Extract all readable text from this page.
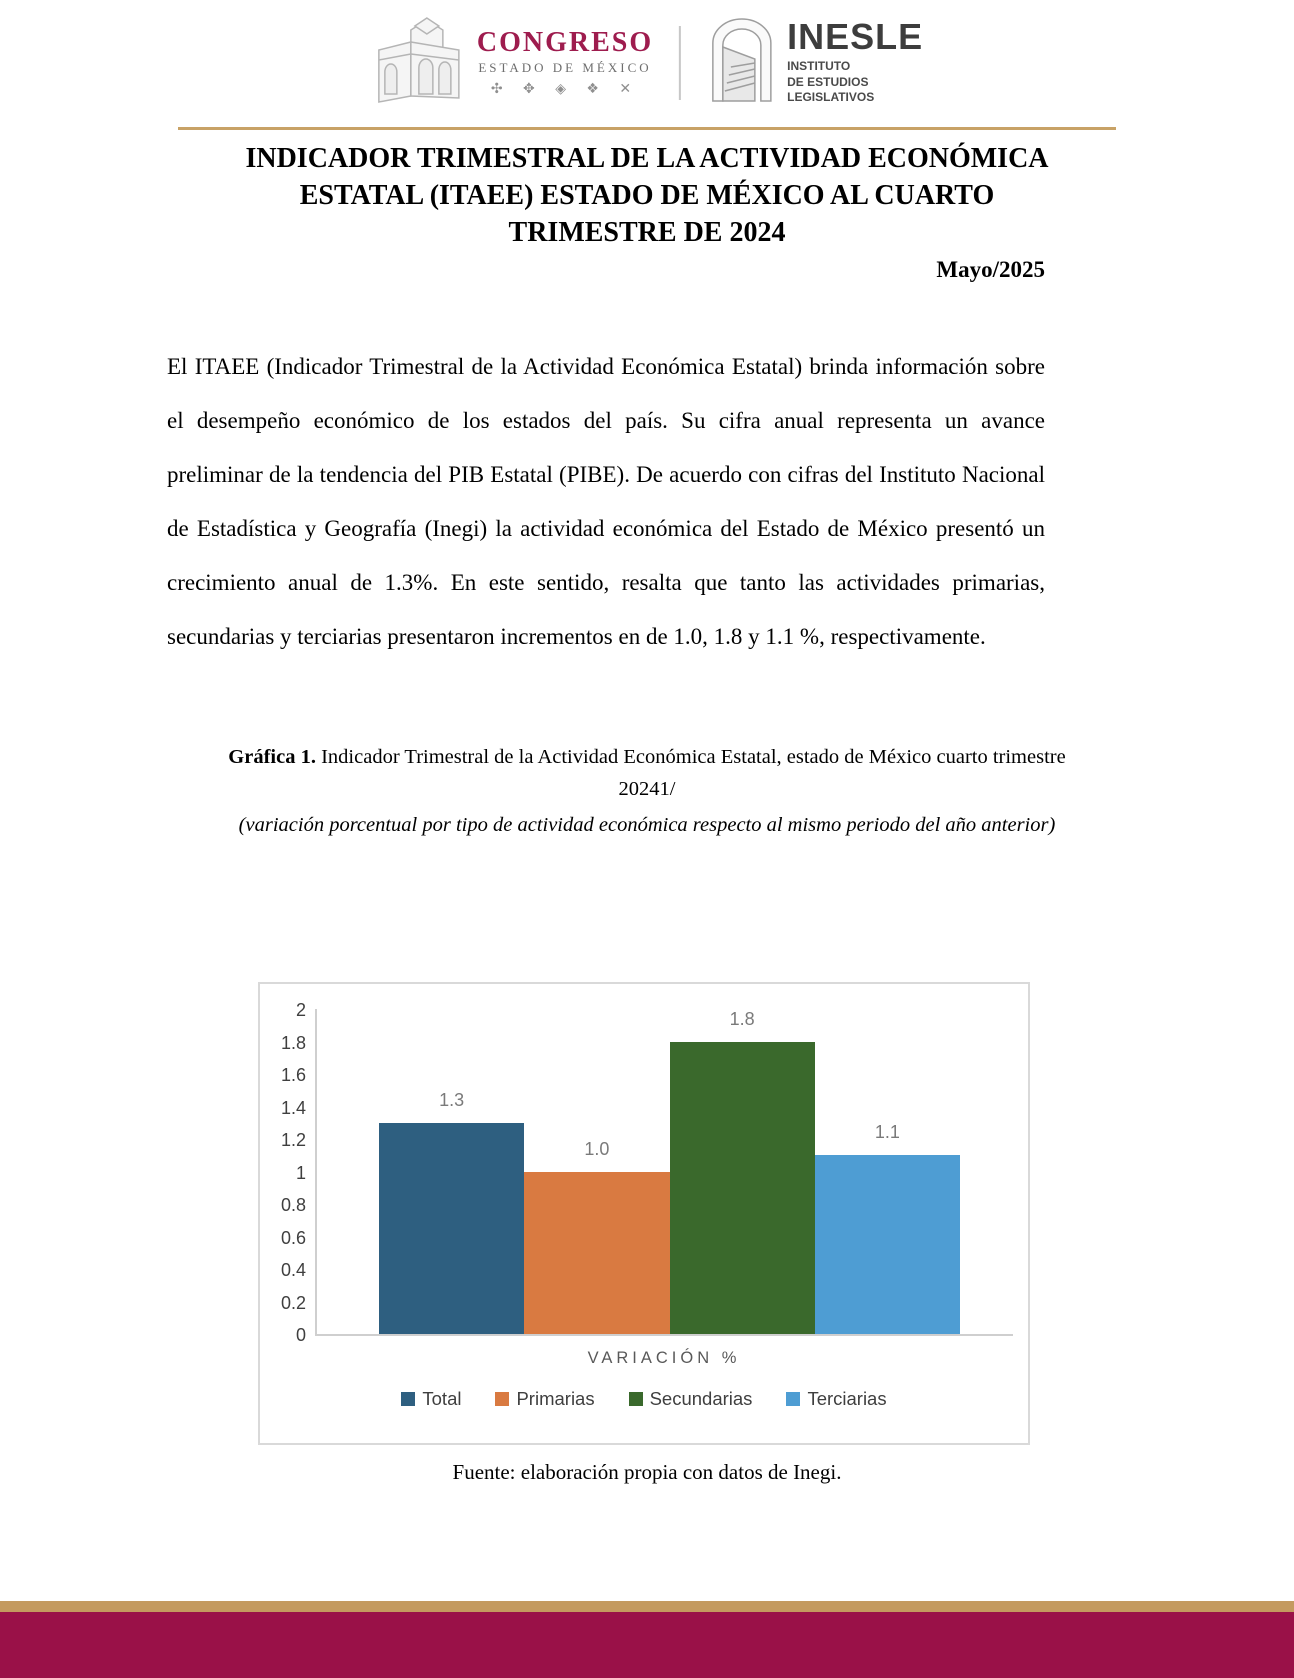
CONGRESO
ESTADO DE MÉXICO
✣ ✥ ◈ ❖ ✕
INESLE
INSTITUTO
DE ESTUDIOS
LEGISLATIVOS
INDICADOR TRIMESTRAL DE LA ACTIVIDAD ECONÓMICA
ESTATAL (ITAEE) ESTADO DE MÉXICO AL CUARTO
TRIMESTRE DE 2024
Mayo/2025
El ITAEE (Indicador Trimestral de la Actividad Económica Estatal) brinda información sobre el desempeño económico de los estados del país. Su cifra anual representa un avance preliminar de la tendencia del PIB Estatal (PIBE). De acuerdo con cifras del Instituto Nacional de Estadística y Geografía (Inegi) la actividad económica del Estado de México presentó un crecimiento anual de 1.3%. En este sentido, resalta que tanto las actividades primarias, secundarias y terciarias presentaron incrementos en de 1.0, 1.8 y 1.1 %, respectivamente.
Gráfica 1. Indicador Trimestral de la Actividad Económica Estatal, estado de México cuarto trimestre 20241/
(variación porcentual por tipo de actividad económica respecto al mismo periodo del año anterior)
2
1.8
1.6
1.4
1.2
1
0.8
0.6
0.4
0.2
0
1.3
1.0
1.8
1.1
VARIACIÓN %
Total	Primarias	Secundarias	Terciarias
Fuente: elaboración propia con datos de Inegi.
